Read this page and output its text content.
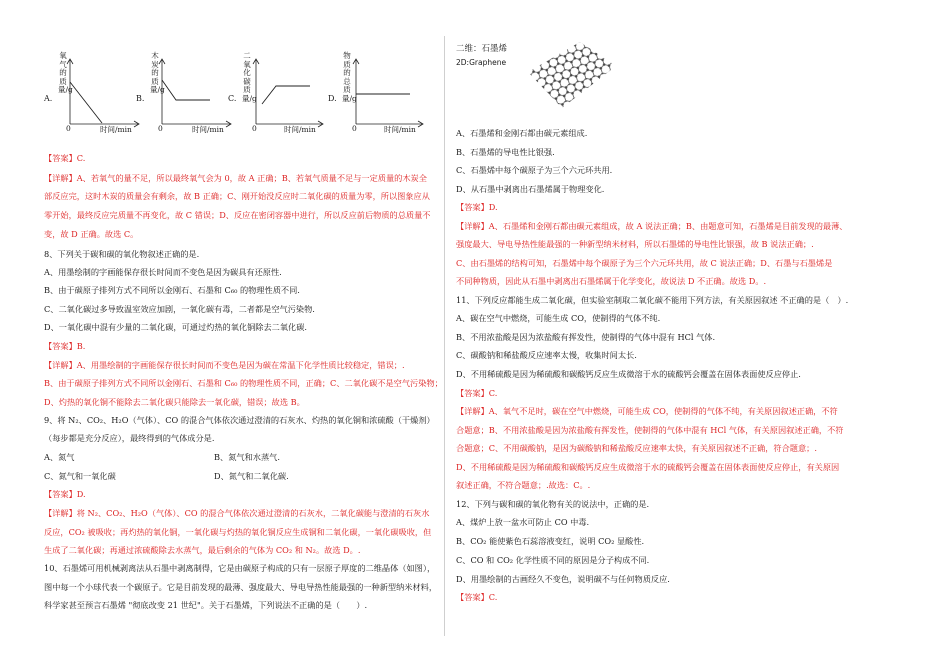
A.
氧气的质量/g
0	时间/min
B.
木炭的质量/g
0	时间/min
C.
二氧化碳质量/g
0	时间/min
D.
物质的总质量/g
0	时间/min
【答案】C.
【详解】A、若氧气的量不足，所以最终氧气会为 0，故 A 正确；B、若氧气质量不足与一定质量的木炭全
部反应完，这时木炭的质量会有剩余，故 B 正确；C、刚开始没反应时二氧化碳的质量为零，所以图象应从
零开始，最终反应完质量不再变化，故 C 错误；D、反应在密闭容器中进行，所以反应前后物质的总质量不
变，故 D 正确。故选 C。
8、下列关于碳和碳的氧化物叙述正确的是.
A、用墨绘制的字画能保存很长时间而不变色是因为碳具有还原性.
B、由于碳原子排列方式不同所以金刚石、石墨和 C₆₀ 的物理性质不同.
C、二氧化碳过多导致温室效应加剧，一氧化碳有毒，二者都是空气污染物.
D、一氧化碳中混有少量的二氧化碳，可通过灼热的氧化铜除去二氧化碳.
【答案】B.
【详解】A、用墨绘制的字画能保存很长时间而不变色是因为碳在常温下化学性质比较稳定，错误；.
B、由于碳原子排列方式不同所以金刚石、石墨和 C₆₀ 的物理性质不同，正确；C、二氧化碳不是空气污染物；
D、灼热的氧化铜不能除去二氧化碳只能除去一氧化碳，错误；故选 B。
9、将 N₂、CO₂、H₂O（气体）、CO 的混合气体依次通过澄清的石灰水、灼热的氧化铜和浓硫酸（干燥剂）
（每步都是充分反应），最终得到的气体成分是.
A、氮气	B、氮气和水蒸气.
C、氮气和一氧化碳	D、氮气和二氧化碳.
【答案】D.
【详解】将 N₂、CO₂、H₂O（气体）、CO 的混合气体依次通过澄清的石灰水，二氧化碳能与澄清的石灰水
反应，CO₂ 被吸收；再灼热的氧化铜，一氧化碳与灼热的氧化铜反应生成铜和二氧化碳，一氧化碳吸收，但
生成了二氧化碳；再通过浓硫酸除去水蒸气，最后剩余的气体为 CO₂ 和 N₂。故选 D。.
10、石墨烯可用机械剥离法从石墨中剥离制得，它是由碳原子构成的只有一层原子厚度的二维晶体（如图），
图中每一个小球代表一个碳原子。它是目前发现的最薄、强度最大、导电导热性能最强的一种新型纳米材料，
科学家甚至预言石墨烯 "彻底改变 21 世纪"。关于石墨烯，下列说法不正确的是（　　）.
二维：石墨烯
2D:Graphene
A、石墨烯和金刚石都由碳元素组成.
B、石墨烯的导电性比银强.
C、石墨烯中每个碳原子为三个六元环共用.
D、从石墨中剥离出石墨烯属于物理变化.
【答案】D.
【详解】A、石墨烯和金刚石都由碳元素组成，故 A 说法正确；B、由题意可知，石墨烯是目前发现的最薄、
强度最大、导电导热性能最强的一种新型纳米材料，所以石墨烯的导电性比银强，故 B 说法正确；.
C、由石墨烯的结构可知，石墨烯中每个碳原子为三个六元环共用，故 C 说法正确；D、石墨与石墨烯是
不同种物质，因此从石墨中剥离出石墨烯属于化学变化，故说法 D 不正确。故选 D。.
11、下列反应都能生成二氧化碳，但实验室制取二氧化碳不能用下列方法，有关原因叙述 不正确的是（　）.
A、碳在空气中燃烧，可能生成 CO，使制得的气体不纯.
B、不用浓盐酸是因为浓盐酸有挥发性，使制得的气体中混有 HCl 气体.
C、碳酸钠和稀盐酸反应速率太慢，收集时间太长.
D、不用稀硫酸是因为稀硫酸和碳酸钙反应生成微溶于水的硫酸钙会覆盖在固体表面使反应停止.
【答案】C.
【详解】A、氧气不足时，碳在空气中燃烧，可能生成 CO，使制得的气体不纯，有关原因叙述正确，不符
合题意；B、不用浓盐酸是因为浓盐酸有挥发性，使制得的气体中混有 HCl 气体，有关原因叙述正确，不符
合题意；C、不用碳酸钠，是因为碳酸钠和稀盐酸反应速率太快，有关原因叙述不正确，符合题意；.
D、不用稀硫酸是因为稀硫酸和碳酸钙反应生成微溶于水的硫酸钙会覆盖在固体表面使反应停止，有关原因
叙述正确，不符合题意；.故选：C。.
12、下列与碳和碳的氧化物有关的说法中，正确的是.
A、煤炉上放一盆水可防止 CO 中毒.
B、CO₂ 能使紫色石蕊溶液变红，说明 CO₂ 显酸性.
C、CO 和 CO₂ 化学性质不同的原因是分子构成不同.
D、用墨绘制的古画经久不变色，说明碳不与任何物质反应.
【答案】C.
